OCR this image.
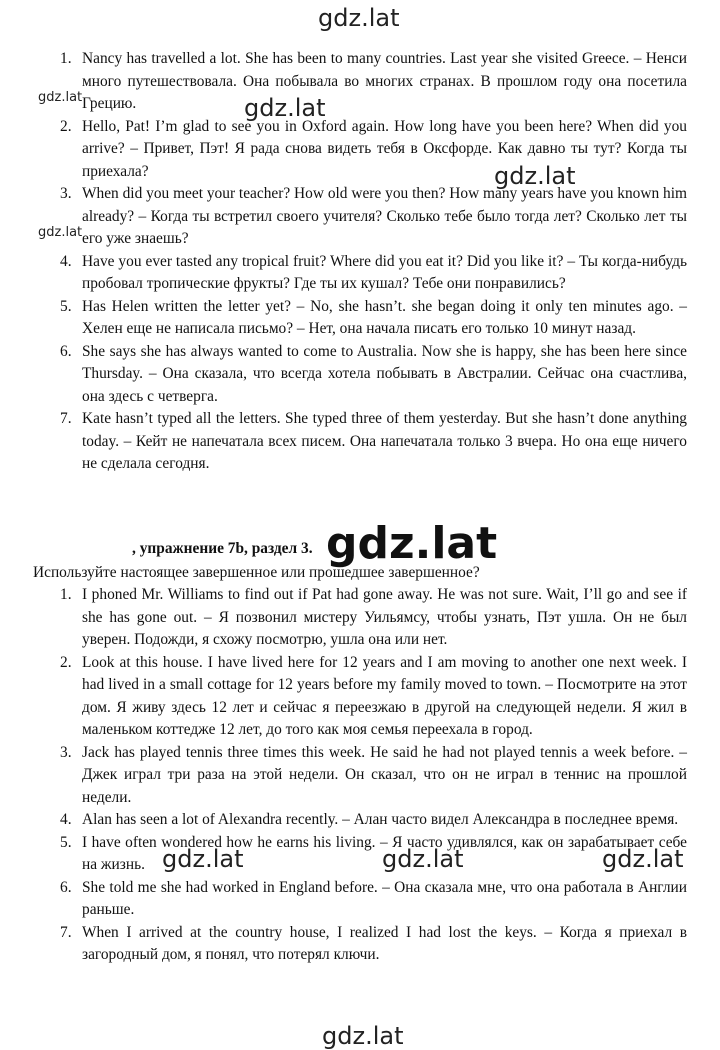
1. Nancy has travelled a lot. She has been to many countries. Last year she visited Greece. – Ненси много путешествовала. Она побывала во многих странах. В прошлом году она посетила Грецию.
2. Hello, Pat! I’m glad to see you in Oxford again. How long have you been here? When did you arrive? – Привет, Пэт! Я рада снова видеть тебя в Оксфорде. Как давно ты тут? Когда ты приехала?
3. When did you meet your teacher? How old were you then? How many years have you known him already? – Когда ты встретил своего учителя? Сколько тебе было тогда лет? Сколько лет ты его уже знаешь?
4. Have you ever tasted any tropical fruit? Where did you eat it? Did you like it? – Ты когда-нибудь пробовал тропические фрукты? Где ты их кушал? Тебе они понравились?
5. Has Helen written the letter yet? – No, she hasn’t. she began doing it only ten minutes ago. – Хелен еще не написала письмо? – Нет, она начала писать его только 10 минут назад.
6. She says she has always wanted to come to Australia. Now she is happy, she has been here since Thursday. – Она сказала, что всегда хотела побывать в Австралии. Сейчас она счастлива, она здесь с четверга.
7. Kate hasn’t typed all the letters. She typed three of them yesterday. But she hasn’t done anything today. – Кейт не напечатала всех писем. Она напечатала только 3 вчера. Но она еще ничего не сделала сегодня.
, упражнение 7b, раздел 3.
Используйте настоящее завершенное или прошедшее завершенное?
1. I phoned Mr. Williams to find out if Pat had gone away. He was not sure. Wait, I’ll go and see if she has gone out. – Я позвонил мистеру Уильямсу, чтобы узнать, Пэт ушла. Он не был уверен. Подожди, я схожу посмотрю, ушла она или нет.
2. Look at this house. I have lived here for 12 years and I am moving to another one next week. I had lived in a small cottage for 12 years before my family moved to town. – Посмотрите на этот дом. Я живу здесь 12 лет и сейчас я переезжаю в другой на следующей недели. Я жил в маленьком коттедже 12 лет, до того как моя семья переехала в город.
3. Jack has played tennis three times this week. He said he had not played tennis a week before. – Джек играл три раза на этой недели. Он сказал, что он не играл в теннис на прошлой недели.
4. Alan has seen a lot of Alexandra recently. – Алан часто видел Александра в последнее время.
5. I have often wondered how he earns his living. – Я часто удивлялся, как он зарабатывает себе на жизнь.
6. She told me she had worked in England before. – Она сказала мне, что она работала в Англии раньше.
7. When I arrived at the country house, I realized I had lost the keys. – Когда я приехал в загородный дом, я понял, что потерял ключи.
gdz.lat
gdz.lat	gdz.lat
gdz.lat
gdz.lat
gdz.lat
gdz.lat	gdz.lat	gdz.lat
gdz.lat
